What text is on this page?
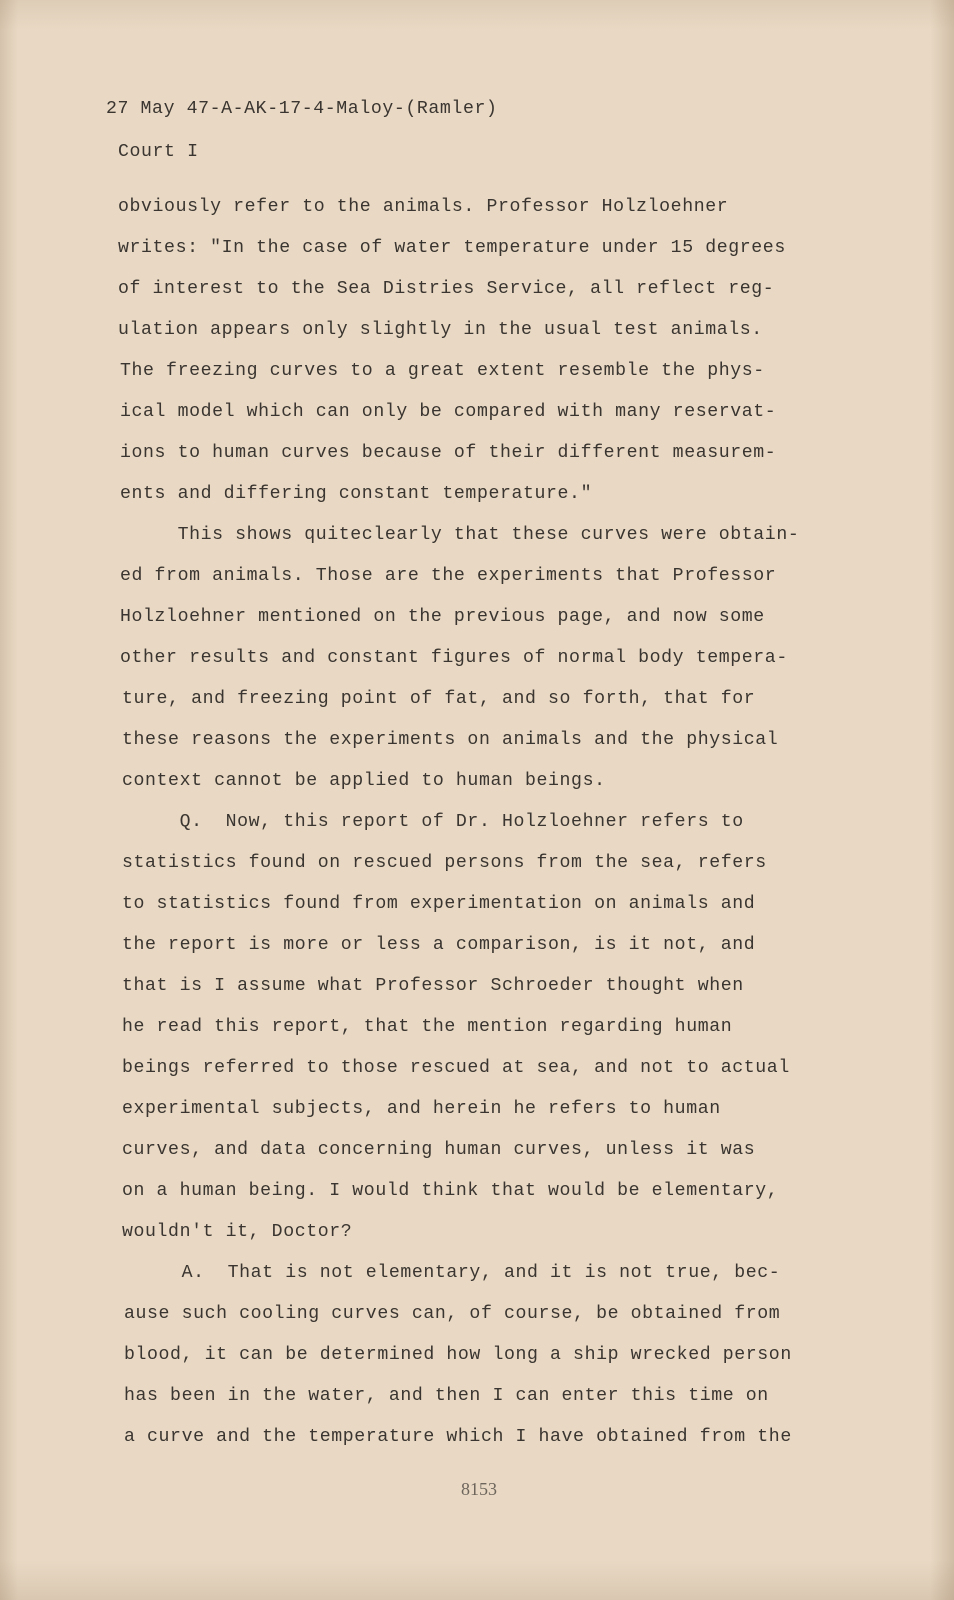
27 May 47-A-AK-17-4-Maloy-(Ramler)

Court I

obviously refer to the animals. Professor Holzloehner

writes: "In the case of water temperature under 15 degrees

of interest to the Sea Distries Service, all reflect reg-

ulation appears only slightly in the usual test animals.

The freezing curves to a great extent resemble the phys-

ical model which can only be compared with many reservat-

ions to human curves because of their different measurem-

ents and differing constant temperature."

This shows quiteclearly that these curves were obtain-

ed from animals. Those are the experiments that Professor

Holzloehner mentioned on the previous page, and now some

other results and constant figures of normal body tempera-

ture, and freezing point of fat, and so forth, that for

these reasons the experiments on animals and the physical

context cannot be applied to human beings.

Q.  Now, this report of Dr. Holzloehner refers to

statistics found on rescued persons from the sea, refers

to statistics found from experimentation on animals and

the report is more or less a comparison, is it not, and

that is I assume what Professor Schroeder thought when

he read this report, that the mention regarding human

beings referred to those rescued at sea, and not to actual

experimental subjects, and herein he refers to human

curves, and data concerning human curves, unless it was

on a human being. I would think that would be elementary,

wouldn't it, Doctor?

A.  That is not elementary, and it is not true, bec-

ause such cooling curves can, of course, be obtained from

blood, it can be determined how long a ship wrecked person

has been in the water, and then I can enter this time on

a curve and the temperature which I have obtained from the

8153
